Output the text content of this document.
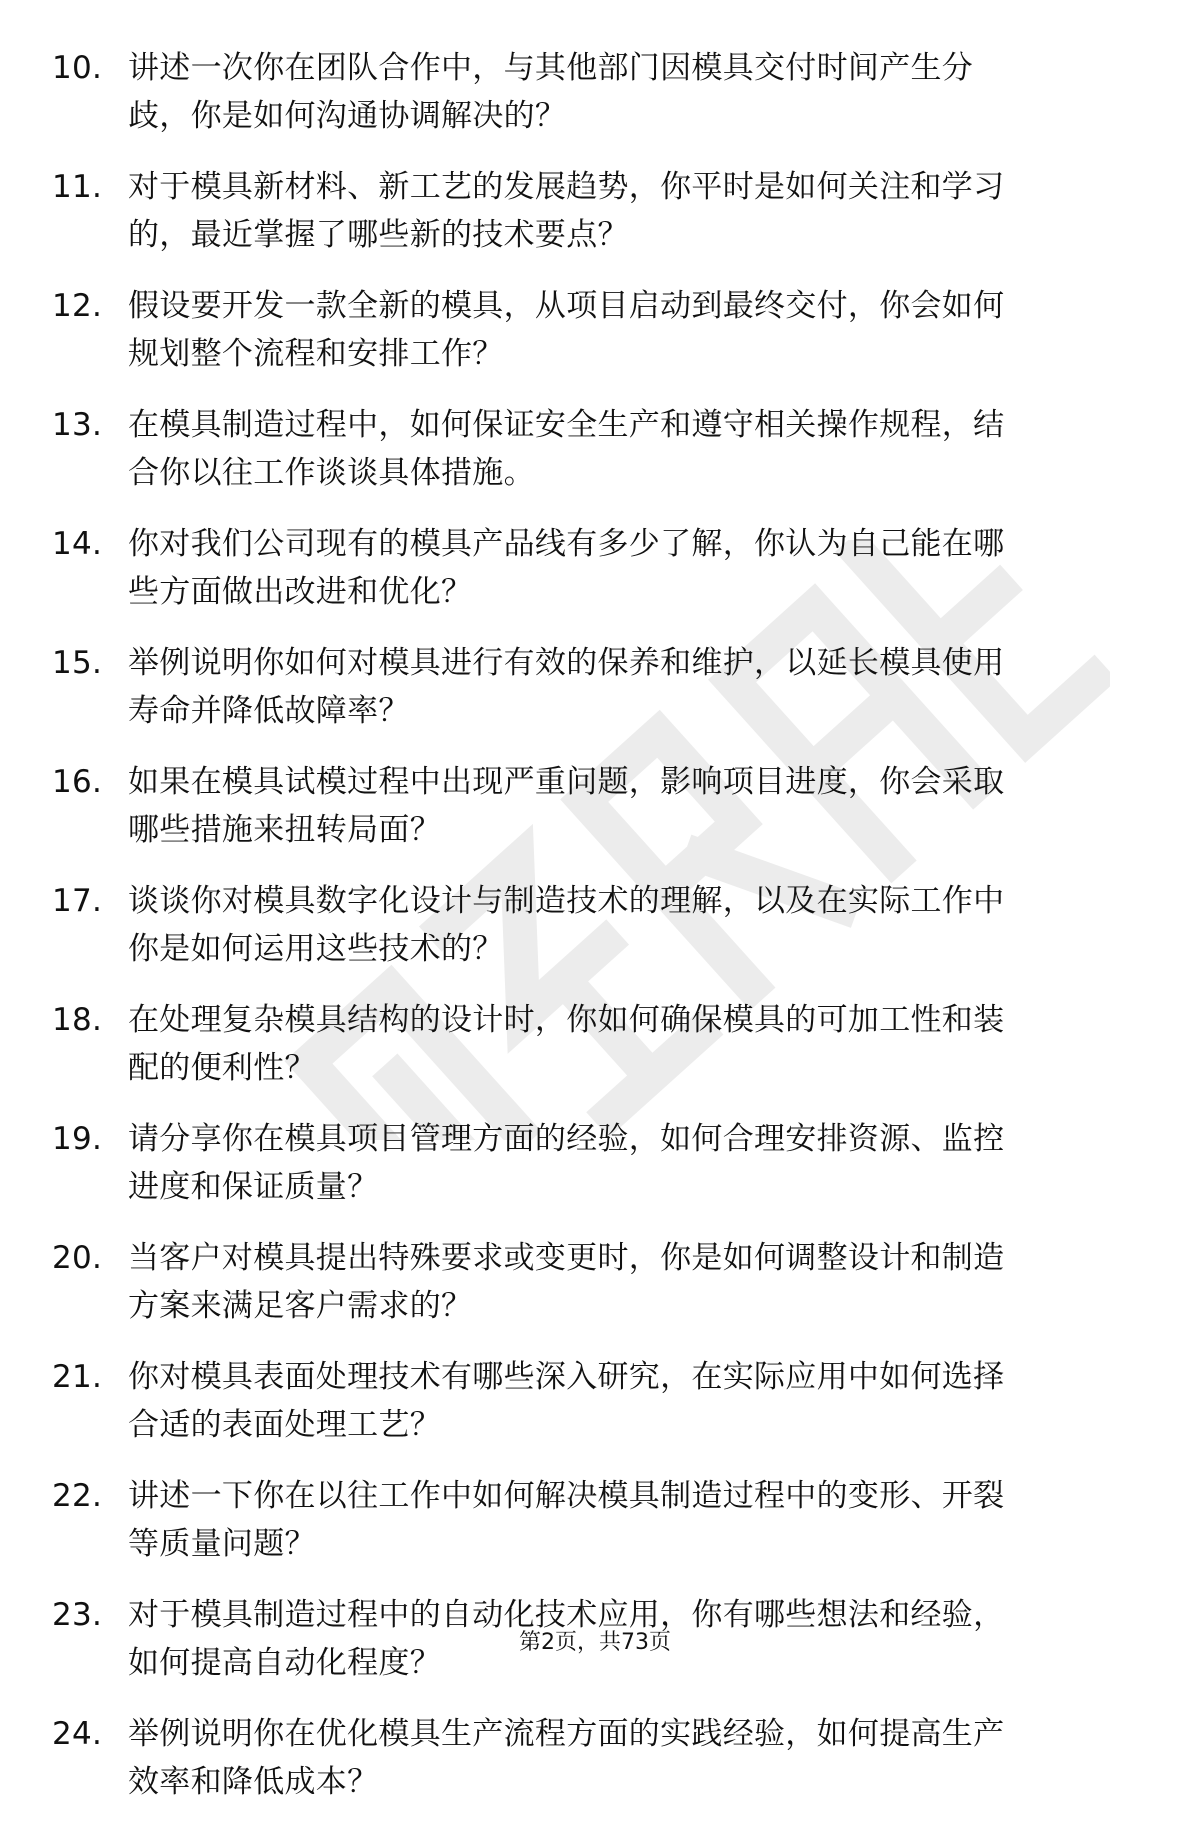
10. 讲述一次你在团队合作中，与其他部门因模具交付时间产生分
歧，你是如何沟通协调解决的？
11. 对于模具新材料、新工艺的发展趋势，你平时是如何关注和学习
的，最近掌握了哪些新的技术要点？
12. 假设要开发一款全新的模具，从项目启动到最终交付，你会如何
规划整个流程和安排工作？
13. 在模具制造过程中，如何保证安全生产和遵守相关操作规程，结
合你以往工作谈谈具体措施。
14. 你对我们公司现有的模具产品线有多少了解，你认为自己能在哪
些方面做出改进和优化？
15. 举例说明你如何对模具进行有效的保养和维护，以延长模具使用
寿命并降低故障率？
16. 如果在模具试模过程中出现严重问题，影响项目进度，你会采取
哪些措施来扭转局面？
17. 谈谈你对模具数字化设计与制造技术的理解，以及在实际工作中
你是如何运用这些技术的？
18. 在处理复杂模具结构的设计时，你如何确保模具的可加工性和装
配的便利性？
19. 请分享你在模具项目管理方面的经验，如何合理安排资源、监控
进度和保证质量？
20. 当客户对模具提出特殊要求或变更时，你是如何调整设计和制造
方案来满足客户需求的？
21. 你对模具表面处理技术有哪些深入研究，在实际应用中如何选择
合适的表面处理工艺？
22. 讲述一下你在以往工作中如何解决模具制造过程中的变形、开裂
等质量问题？
23. 对于模具制造过程中的自动化技术应用，你有哪些想法和经验，
如何提高自动化程度？
24. 举例说明你在优化模具生产流程方面的实践经验，如何提高生产
效率和降低成本？
第2页，共73页
